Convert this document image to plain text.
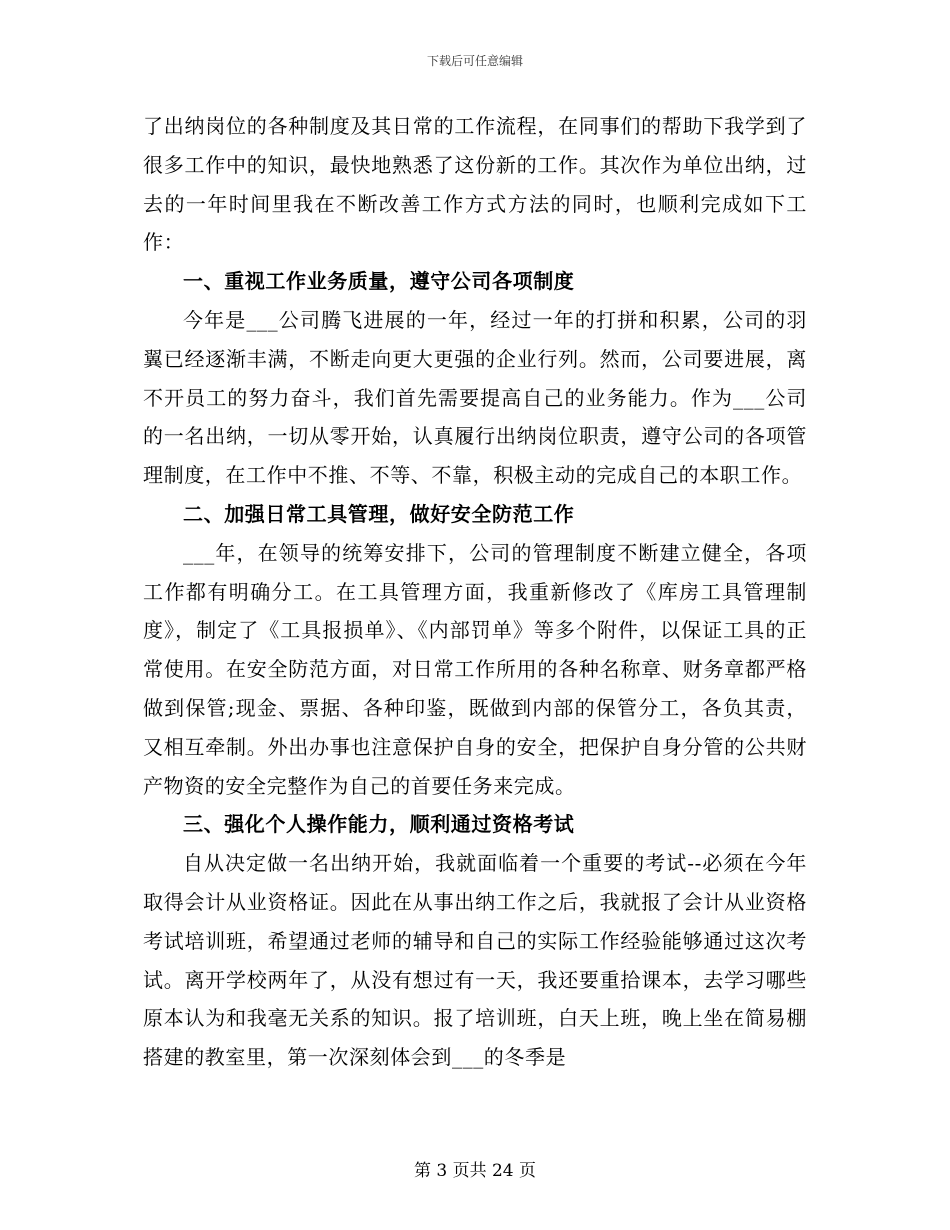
下载后可任意编辑

了出纳岗位的各种制度及其日常的工作流程，在同事们的帮助下我学到了很多工作中的知识，最快地熟悉了这份新的工作。其次作为单位出纳，过去的一年时间里我在不断改善工作方式方法的同时，也顺利完成如下工作：

一、重视工作业务质量，遵守公司各项制度

今年是___公司腾飞进展的一年，经过一年的打拼和积累，公司的羽翼已经逐渐丰满，不断走向更大更强的企业行列。然而，公司要进展，离不开员工的努力奋斗，我们首先需要提高自己的业务能力。作为___公司的一名出纳，一切从零开始，认真履行出纳岗位职责，遵守公司的各项管理制度，在工作中不推、不等、不靠，积极主动的完成自己的本职工作。

二、加强日常工具管理，做好安全防范工作

___年，在领导的统筹安排下，公司的管理制度不断建立健全，各项工作都有明确分工。在工具管理方面，我重新修改了《库房工具管理制度》，制定了《工具报损单》、《内部罚单》等多个附件，以保证工具的正常使用。在安全防范方面，对日常工作所用的各种名称章、财务章都严格做到保管;现金、票据、各种印鉴，既做到内部的保管分工，各负其责，又相互牵制。外出办事也注意保护自身的安全，把保护自身分管的公共财产物资的安全完整作为自己的首要任务来完成。

三、强化个人操作能力，顺利通过资格考试

自从决定做一名出纳开始，我就面临着一个重要的考试--必须在今年取得会计从业资格证。因此在从事出纳工作之后，我就报了会计从业资格考试培训班，希望通过老师的辅导和自己的实际工作经验能够通过这次考试。离开学校两年了，从没有想过有一天，我还要重拾课本，去学习哪些原本认为和我毫无关系的知识。报了培训班，白天上班，晚上坐在简易棚搭建的教室里，第一次深刻体会到___的冬季是

第 3 页共 24 页
